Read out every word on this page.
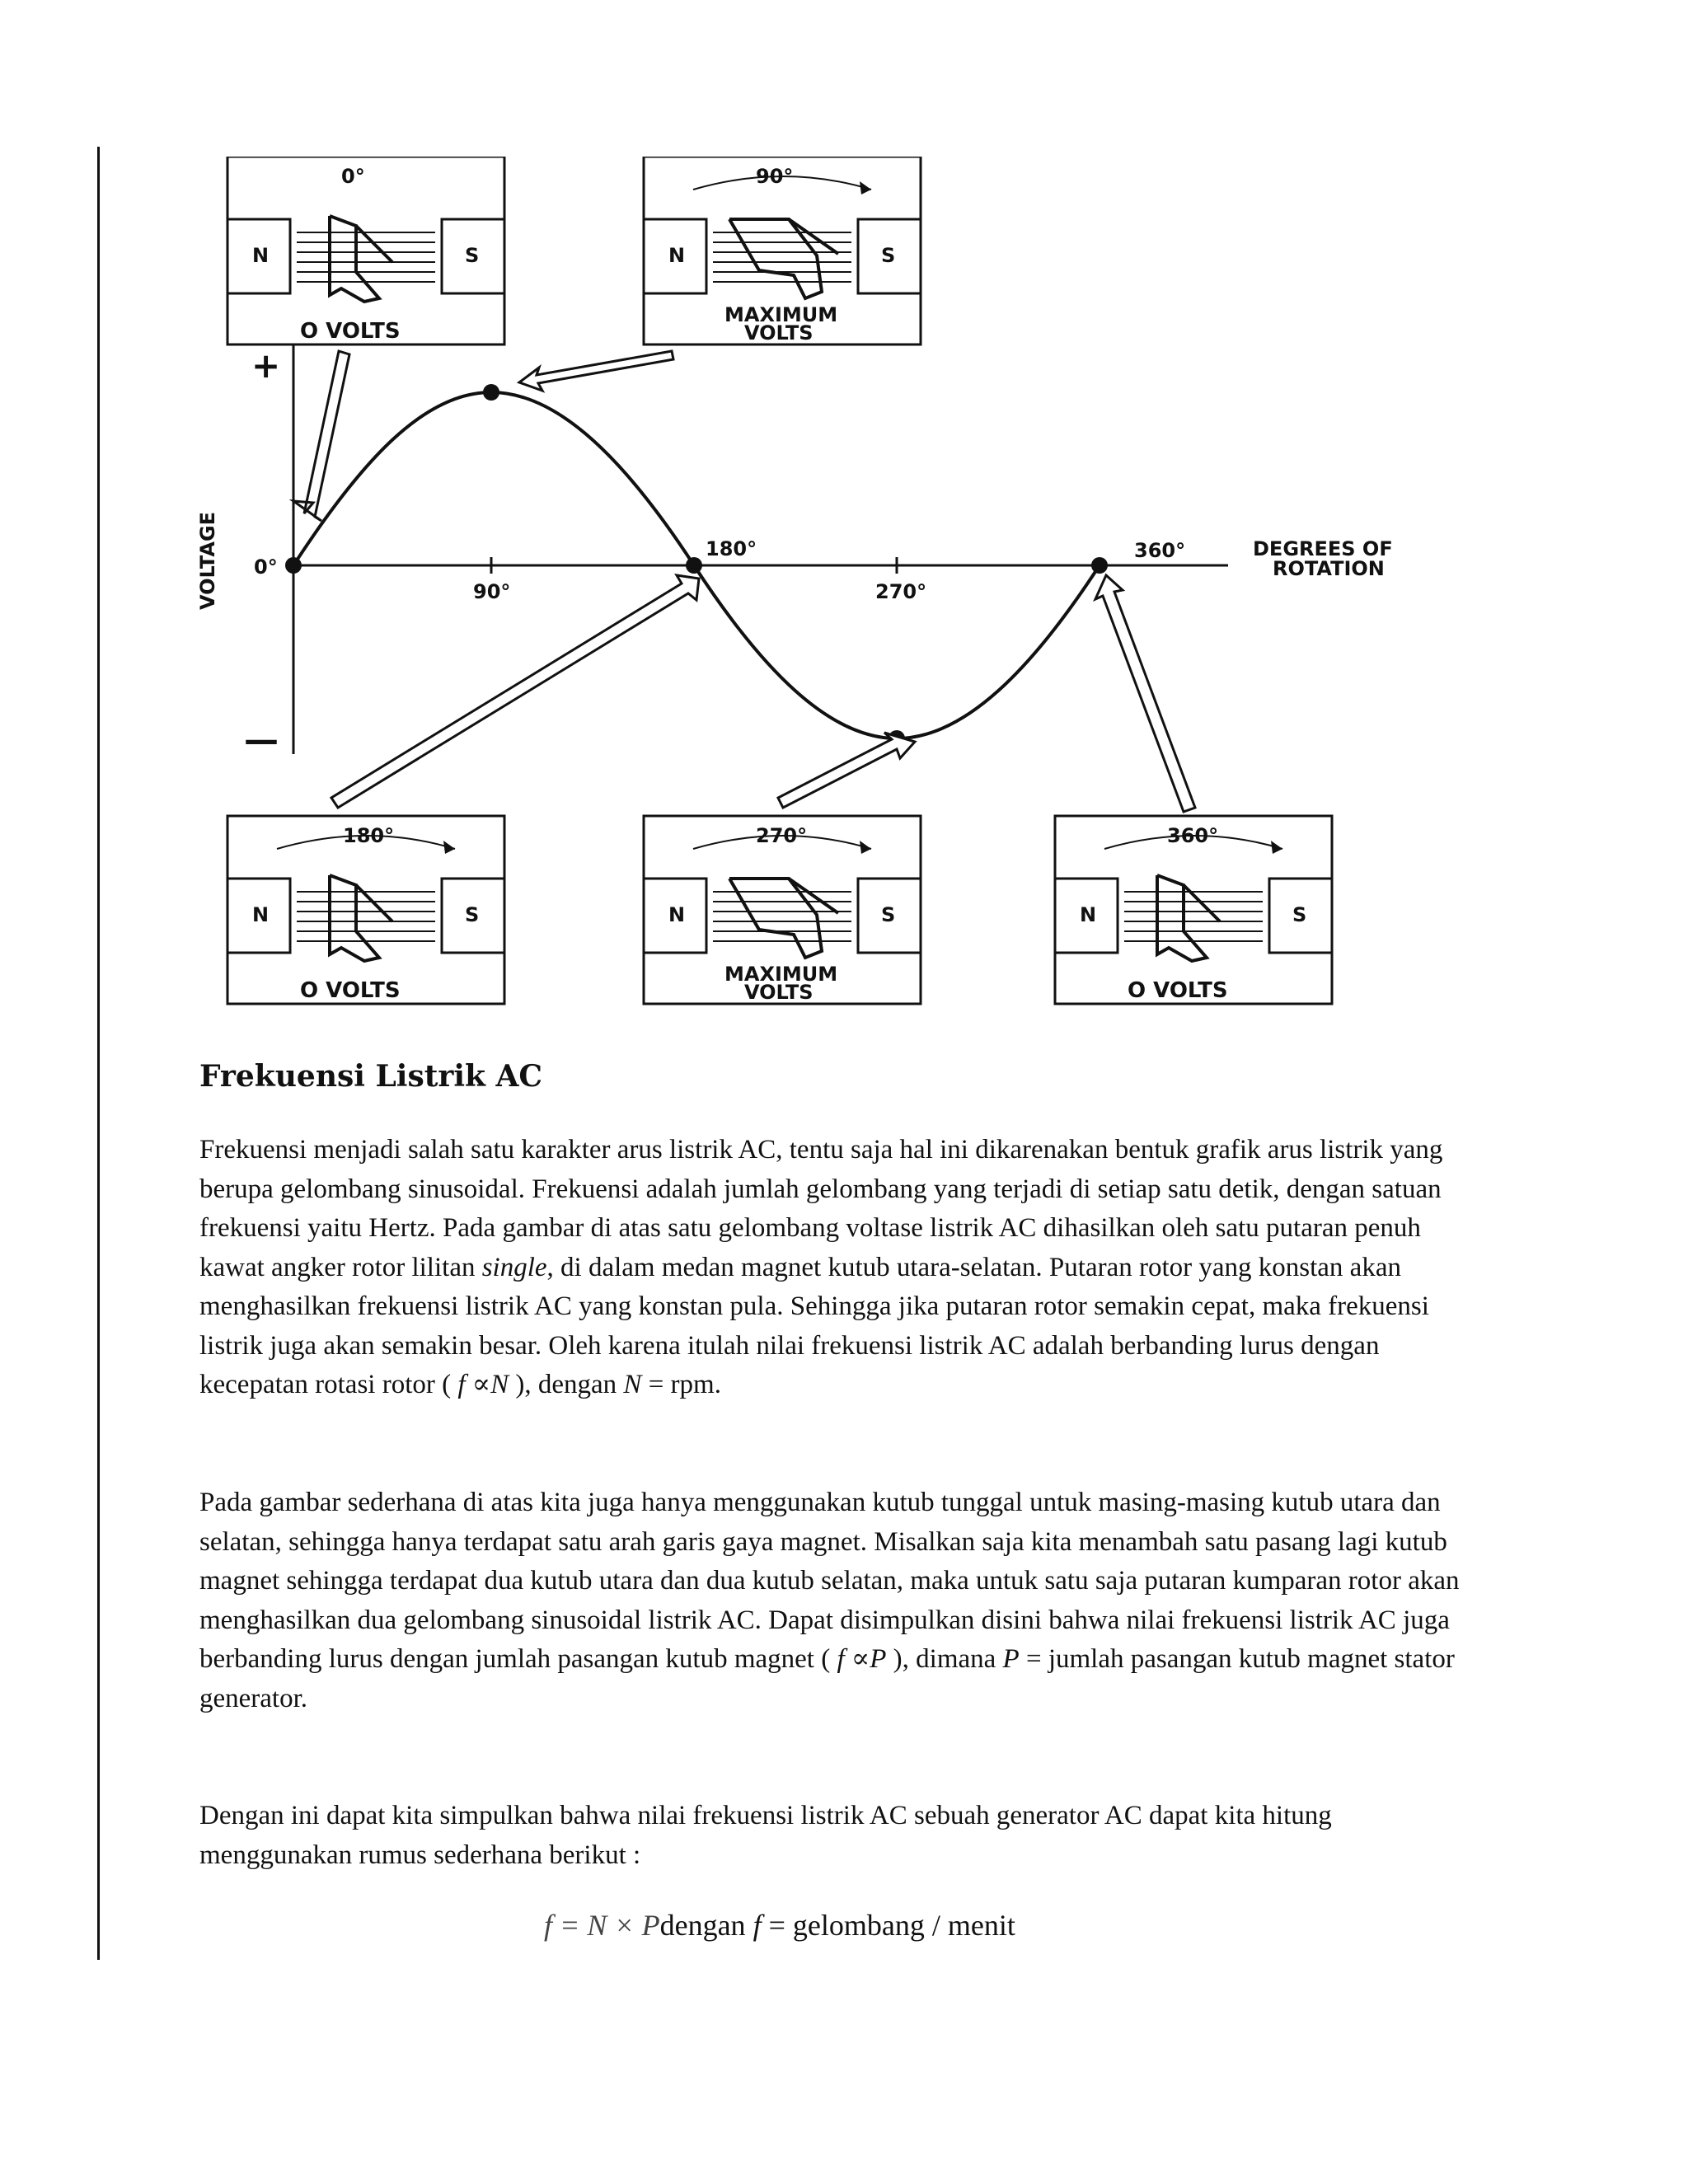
+
—
VOLTAGE 0°
90°
180°
270°
360°	DEGREES OF
ROTATION
0°
N	S
O VOLTS
90°
N	S
MAXIMUM
VOLTS
180°
N	S
O VOLTS
270°
N	S
MAXIMUM
VOLTS
360°
N	S
O VOLTS
Frekuensi Listrik AC

Frekuensi menjadi salah satu karakter arus listrik AC, tentu saja hal ini dikarenakan bentuk grafik arus listrik yang berupa gelombang sinusoidal. Frekuensi adalah jumlah gelombang yang terjadi di setiap satu detik, dengan satuan frekuensi yaitu Hertz. Pada gambar di atas satu gelombang voltase listrik AC dihasilkan oleh satu putaran penuh kawat angker rotor lilitan single, di dalam medan magnet kutub utara-selatan. Putaran rotor yang konstan akan menghasilkan frekuensi listrik AC yang konstan pula. Sehingga jika putaran rotor semakin cepat, maka frekuensi listrik juga akan semakin besar. Oleh karena itulah nilai frekuensi listrik AC adalah berbanding lurus dengan kecepatan rotasi rotor ( f ∝N ), dengan N = rpm.

Pada gambar sederhana di atas kita juga hanya menggunakan kutub tunggal untuk masing-masing kutub utara dan selatan, sehingga hanya terdapat satu arah garis gaya magnet. Misalkan saja kita menambah satu pasang lagi kutub magnet sehingga terdapat dua kutub utara dan dua kutub selatan, maka untuk satu saja putaran kumparan rotor akan menghasilkan dua gelombang sinusoidal listrik AC. Dapat disimpulkan disini bahwa nilai frekuensi listrik AC juga berbanding lurus dengan jumlah pasangan kutub magnet ( f ∝P ), dimana P = jumlah pasangan kutub magnet stator generator.

Dengan ini dapat kita simpulkan bahwa nilai frekuensi listrik AC sebuah generator AC dapat kita hitung menggunakan rumus sederhana berikut :

f = N × Pdengan f = gelombang / menit
